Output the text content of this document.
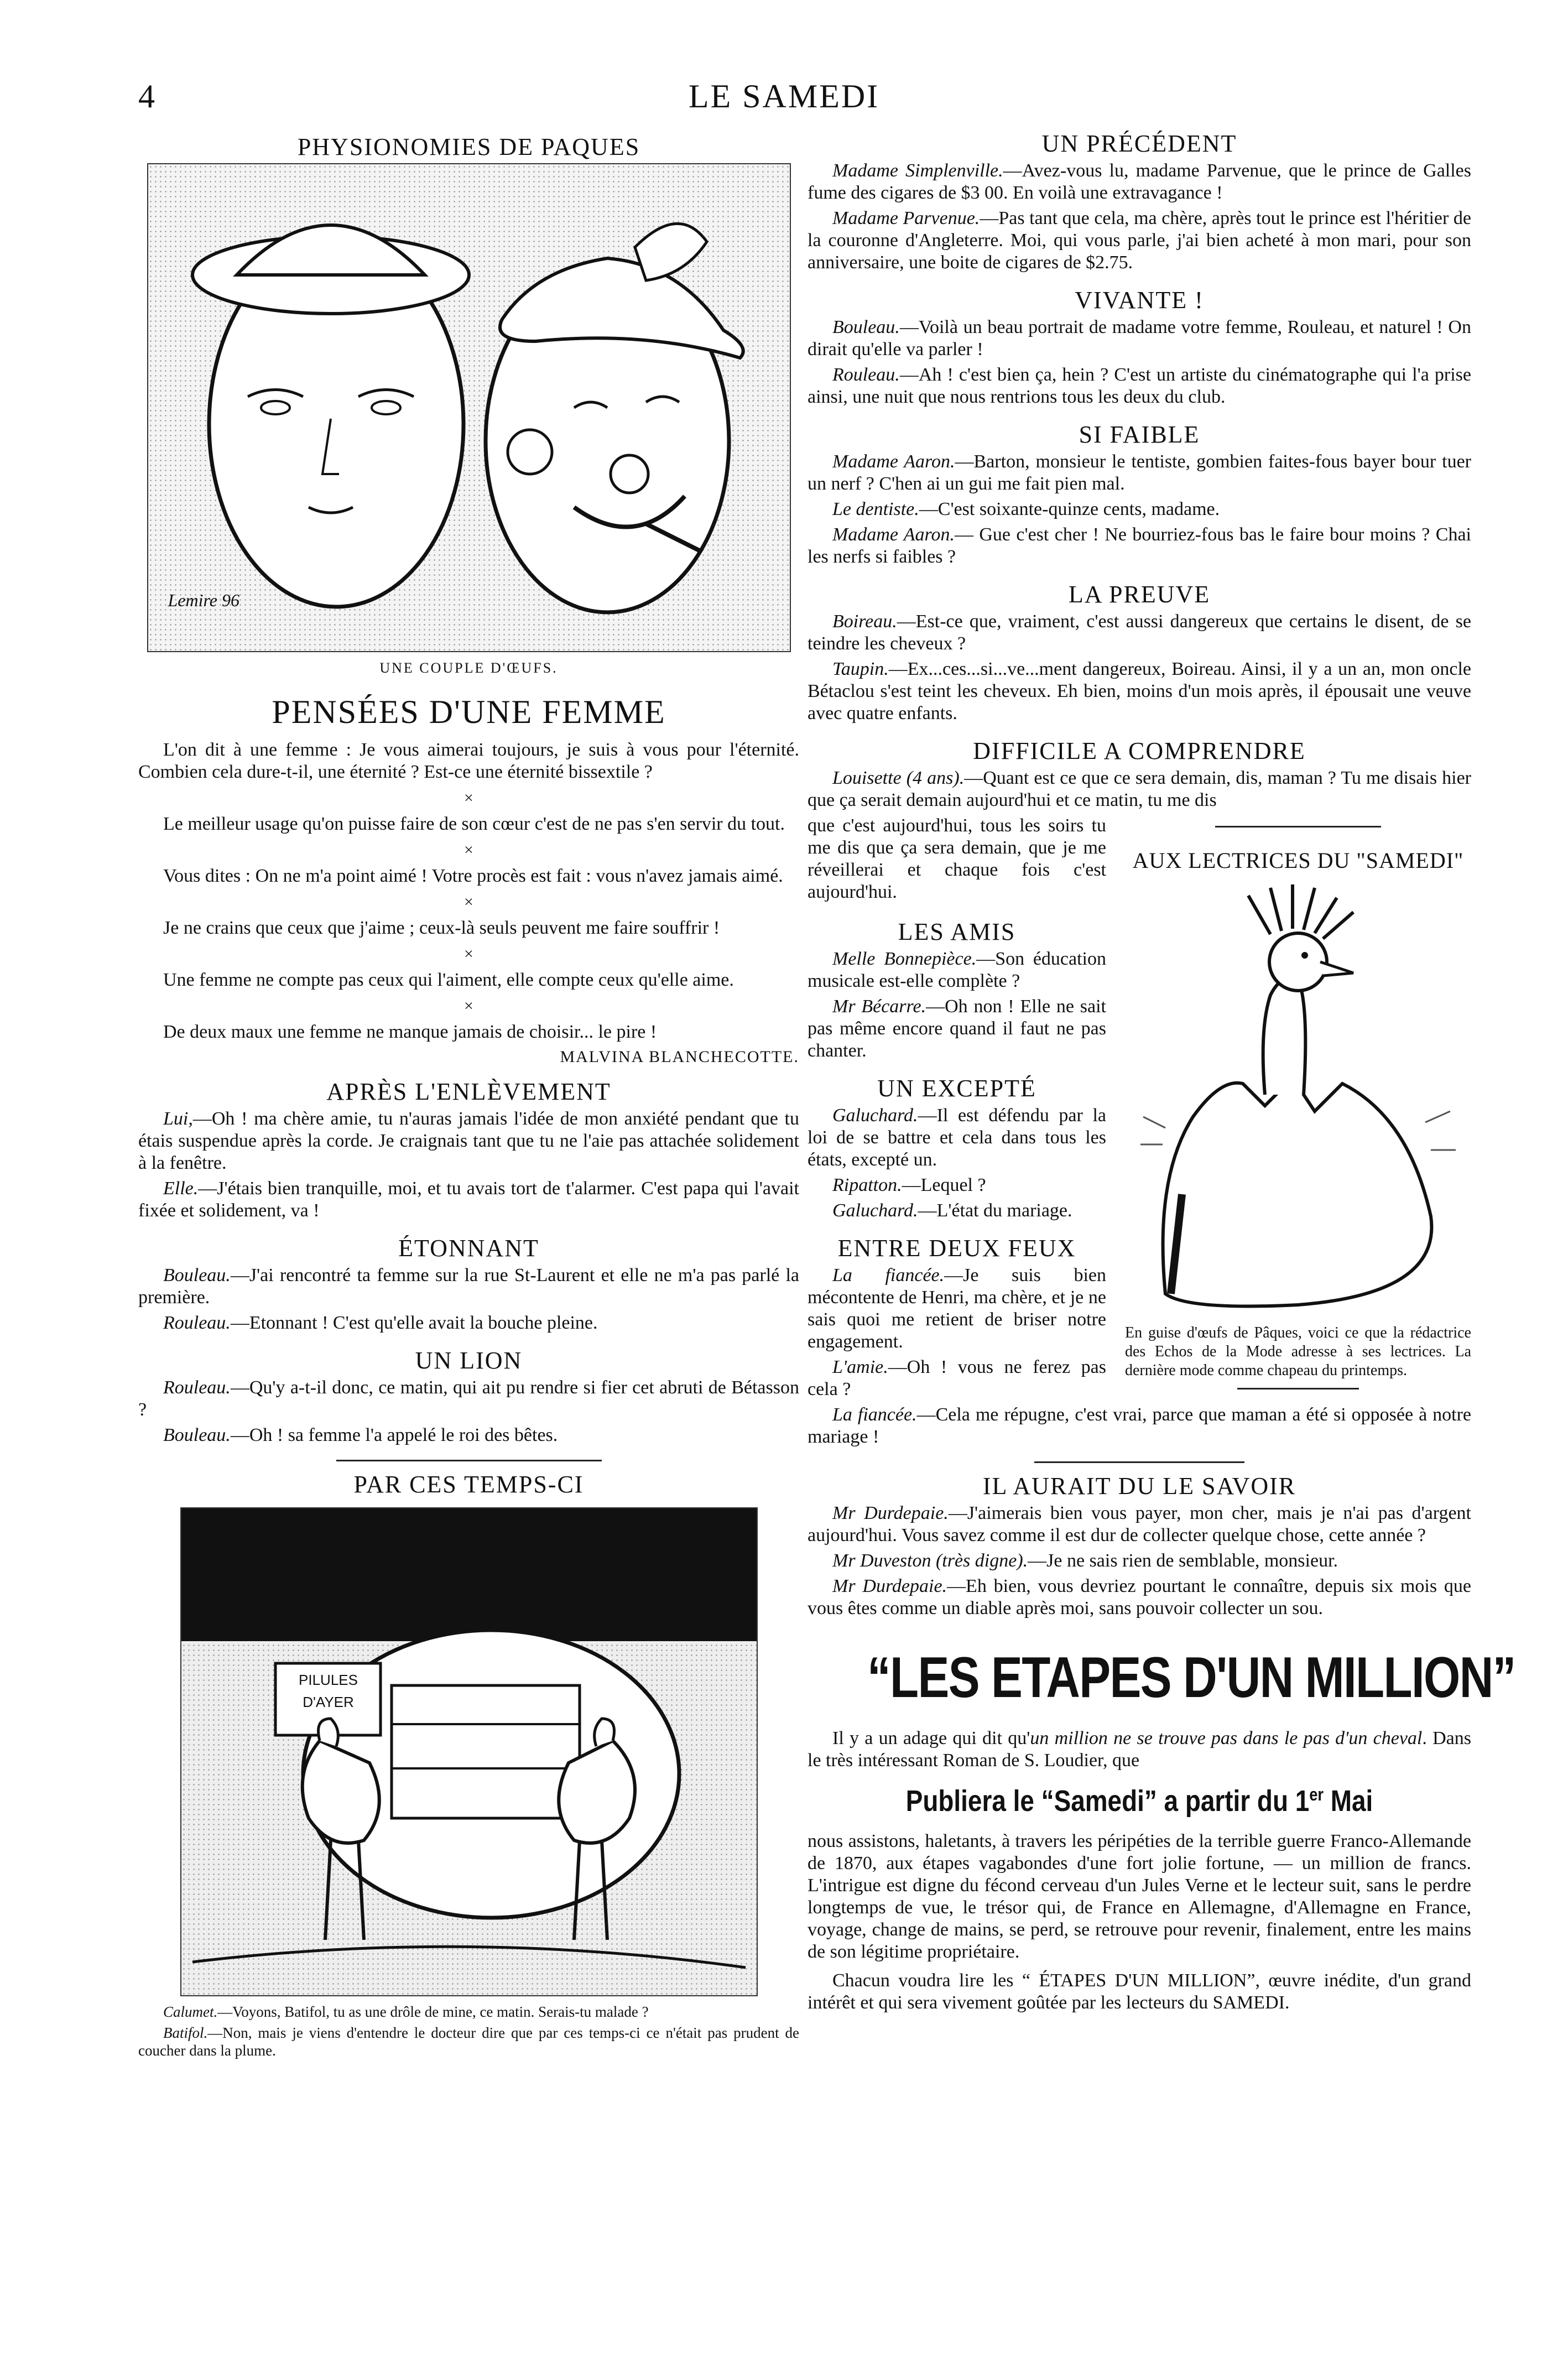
4	LE SAMEDI
PHYSIONOMIES DE PAQUES
Lemire 96
UNE COUPLE D'ŒUFS.
PENSÉES D'UNE FEMME

L'on dit à une femme : Je vous aimerai toujours, je suis à vous pour l'éternité. Combien cela dure-t-il, une éternité ? Est-ce une éternité bissextile ?

×

Le meilleur usage qu'on puisse faire de son cœur c'est de ne pas s'en servir du tout.

×

Vous dites : On ne m'a point aimé ! Votre procès est fait : vous n'avez jamais aimé.

×

Je ne crains que ceux que j'aime ; ceux-là seuls peuvent me faire souffrir !

×

Une femme ne compte pas ceux qui l'aiment, elle compte ceux qu'elle aime.

×

De deux maux une femme ne manque jamais de choisir... le pire !

MALVINA BLANCHECOTTE.
APRÈS L'ENLÈVEMENT

Lui,—Oh ! ma chère amie, tu n'auras jamais l'idée de mon anxiété pendant que tu étais suspendue après la corde. Je craignais tant que tu ne l'aie pas attachée solidement à la fenêtre.

Elle.—J'étais bien tranquille, moi, et tu avais tort de t'alarmer. C'est papa qui l'avait fixée et solidement, va !

ÉTONNANT

Bouleau.—J'ai rencontré ta femme sur la rue St-Laurent et elle ne m'a pas parlé la première.

Rouleau.—Etonnant ! C'est qu'elle avait la bouche pleine.

UN LION

Rouleau.—Qu'y a-t-il donc, ce matin, qui ait pu rendre si fier cet abruti de Bétasson ?

Bouleau.—Oh ! sa femme l'a appelé le roi des bêtes.

PAR CES TEMPS-CI
PILULES
D'AYER

Calumet.—Voyons, Batifol, tu as une drôle de mine, ce matin. Serais-tu malade ?

Batifol.—Non, mais je viens d'entendre le docteur dire que par ces temps-ci ce n'était pas prudent de coucher dans la plume.

UN PRÉCÉDENT

Madame Simplenville.—Avez-vous lu, madame Parvenue, que le prince de Galles fume des cigares de $3 00. En voilà une extravagance !

Madame Parvenue.—Pas tant que cela, ma chère, après tout le prince est l'héritier de la couronne d'Angleterre. Moi, qui vous parle, j'ai bien acheté à mon mari, pour son anniversaire, une boite de cigares de $2.75.

VIVANTE !

Bouleau.—Voilà un beau portrait de madame votre femme, Rouleau, et naturel ! On dirait qu'elle va parler !

Rouleau.—Ah ! c'est bien ça, hein ? C'est un artiste du cinématographe qui l'a prise ainsi, une nuit que nous rentrions tous les deux du club.

SI FAIBLE

Madame Aaron.—Barton, monsieur le tentiste, gombien faites-fous bayer bour tuer un nerf ? C'hen ai un gui me fait pien mal.

Le dentiste.—C'est soixante-quinze cents, madame.

Madame Aaron.— Gue c'est cher ! Ne bourriez-fous bas le faire bour moins ? Chai les nerfs si faibles ?

LA PREUVE

Boireau.—Est-ce que, vraiment, c'est aussi dangereux que certains le disent, de se teindre les cheveux ?

Taupin.—Ex...ces...si...ve...ment dangereux, Boireau. Ainsi, il y a un an, mon oncle Bétaclou s'est teint les cheveux. Eh bien, moins d'un mois après, il épousait une veuve avec quatre enfants.

DIFFICILE A COMPRENDRE

Louisette (4 ans).—Quant est ce que ce sera demain, dis, maman ? Tu me disais hier que ça serait demain aujourd'hui et ce matin, tu me dis

que c'est aujourd'hui, tous les soirs tu me dis que ça sera demain, que je me réveillerai et chaque fois c'est aujourd'hui.

LES AMIS

Melle Bonnepièce.—Son éducation musicale est-elle complète ?

Mr Bécarre.—Oh non ! Elle ne sait pas même encore quand il faut ne pas chanter.

UN EXCEPTÉ

Galuchard.—Il est défendu par la loi de se battre et cela dans tous les états, excepté un.

Ripatton.—Lequel ?

Galuchard.—L'état du mariage.

ENTRE DEUX FEUX

La fiancée.—Je suis bien mécontente de Henri, ma chère, et je ne sais quoi me retient de briser notre engagement.

L'amie.—Oh ! vous ne ferez pas cela ?

AUX LECTRICES DU "SAMEDI"

En guise d'œufs de Pâques, voici ce que la rédactrice des Echos de la Mode adresse à ses lectrices. La dernière mode comme chapeau du printemps.

La fiancée.—Cela me répugne, c'est vrai, parce que maman a été si opposée à notre mariage !

IL AURAIT DU LE SAVOIR

Mr Durdepaie.—J'aimerais bien vous payer, mon cher, mais je n'ai pas d'argent aujourd'hui. Vous savez comme il est dur de collecter quelque chose, cette année ?

Mr Duveston (très digne).—Je ne sais rien de semblable, monsieur.

Mr Durdepaie.—Eh bien, vous devriez pourtant le connaître, depuis six mois que vous êtes comme un diable après moi, sans pouvoir collecter un sou.

“LES ETAPES D'UN MILLION”

Il y a un adage qui dit qu'un million ne se trouve pas dans le pas d'un cheval. Dans le très intéressant Roman de S. Loudier, que

Publiera le “Samedi” a partir du 1er Mai

nous assistons, haletants, à travers les péripéties de la terrible guerre Franco-Allemande de 1870, aux étapes vagabondes d'une fort jolie fortune, — un million de francs. L'intrigue est digne du fécond cerveau d'un Jules Verne et le lecteur suit, sans le perdre longtemps de vue, le trésor qui, de France en Allemagne, d'Allemagne en France, voyage, change de mains, se perd, se retrouve pour revenir, finalement, entre les mains de son légitime propriétaire.

Chacun voudra lire les “ ÉTAPES D'UN MILLION”, œuvre inédite, d'un grand intérêt et qui sera vivement goûtée par les lecteurs du SAMEDI.
